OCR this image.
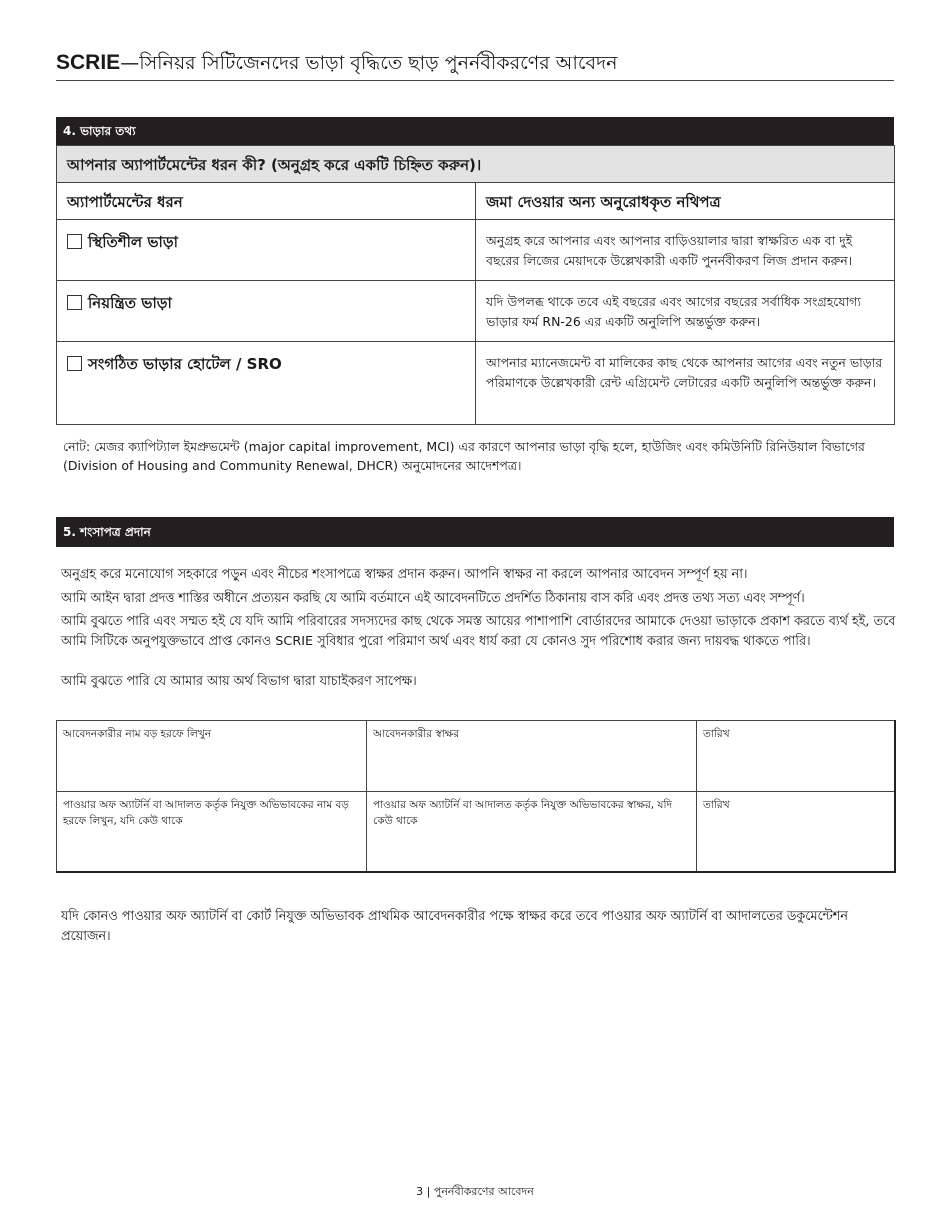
SCRIE—সিনিয়র সিটিজেনদের ভাড়া বৃদ্ধিতে ছাড় পুনর্নবীকরণের আবেদন
4. ভাড়ার তথ্য
আপনার অ্যাপার্টমেন্টের ধরন কী? (অনুগ্রহ করে একটি চিহ্নিত করুন)।	
অ্যাপার্টমেন্টের ধরন	জমা দেওয়ার অন্য অনুরোধকৃত নথিপত্র
স্থিতিশীল ভাড়া	অনুগ্রহ করে আপনার এবং আপনার বাড়িওয়ালার দ্বারা স্বাক্ষরিত এক বা দুই বছরের লিজের মেয়াদকে উল্লেখকারী একটি পুনর্নবীকরণ লিজ প্রদান করুন।
নিয়ন্ত্রিত ভাড়া	যদি উপলব্ধ থাকে তবে এই বছরের এবং আগের বছরের সর্বাধিক সংগ্রহযোগ্য ভাড়ার ফর্ম RN-26 এর একটি অনুলিপি অন্তর্ভুক্ত করুন।
সংগঠিত ভাড়ার হোটেল / SRO	আপনার ম্যানেজমেন্ট বা মালিকের কাছ থেকে আপনার আগের এবং নতুন ভাড়ার পরিমাণকে উল্লেখকারী রেন্ট এগ্রিমেন্ট লেটারের একটি অনুলিপি অন্তর্ভুক্ত করুন।
নোট: মেজর ক্যাপিট্যাল ইমপ্রুভমেন্ট (major capital improvement, MCI) এর কারণে আপনার ভাড়া বৃদ্ধি হলে, হাউজিং এবং কমিউনিটি রিনিউয়াল বিভাগের (Division of Housing and Community Renewal, DHCR) অনুমোদনের আদেশপত্র।
5. শংসাপত্র প্রদান
অনুগ্রহ করে মনোযোগ সহকারে পড়ুন এবং নীচের শংসাপত্রে স্বাক্ষর প্রদান করুন। আপনি স্বাক্ষর না করলে আপনার আবেদন সম্পূর্ণ হয় না।
আমি আইন দ্বারা প্রদত্ত শাস্তির অধীনে প্রত্যয়ন করছি যে আমি বর্তমানে এই আবেদনটিতে প্রদর্শিত ঠিকানায় বাস করি এবং প্রদত্ত তথ্য সত্য এবং সম্পূর্ণ।
আমি বুঝতে পারি এবং সম্মত হই যে যদি আমি পরিবারের সদস্যদের কাছ থেকে সমস্ত আয়ের পাশাপাশি বোর্ডারদের আমাকে দেওয়া ভাড়াকে প্রকাশ করতে ব্যর্থ হই, তবে আমি সিটিকে অনুপযুক্তভাবে প্রাপ্ত কোনও SCRIE সুবিধার পুরো পরিমাণ অর্থ এবং ধার্য করা যে কোনও সুদ পরিশোধ করার জন্য দায়বদ্ধ থাকতে পারি।
আমি বুঝতে পারি যে আমার আয় অর্থ বিভাগ দ্বারা যাচাইকরণ সাপেক্ষ।
আবেদনকারীর নাম বড় হরফে লিখুন	আবেদনকারীর স্বাক্ষর	তারিখ
পাওয়ার অফ অ্যাটর্নি বা আদালত কর্তৃক নিযুক্ত অভিভাবকের নাম বড় হরফে লিখুন, যদি কেউ থাকে	পাওয়ার অফ অ্যাটর্নি বা আদালত কর্তৃক নিযুক্ত অভিভাবকের স্বাক্ষর, যদি কেউ থাকে	তারিখ
যদি কোনও পাওয়ার অফ অ্যাটর্নি বা কোর্ট নিযুক্ত অভিভাবক প্রাথমিক আবেদনকারীর পক্ষে স্বাক্ষর করে তবে পাওয়ার অফ অ্যাটর্নি বা আদালতের ডকুমেন্টেশন প্রয়োজন।
3 | পুনর্নবীকরণের আবেদন
